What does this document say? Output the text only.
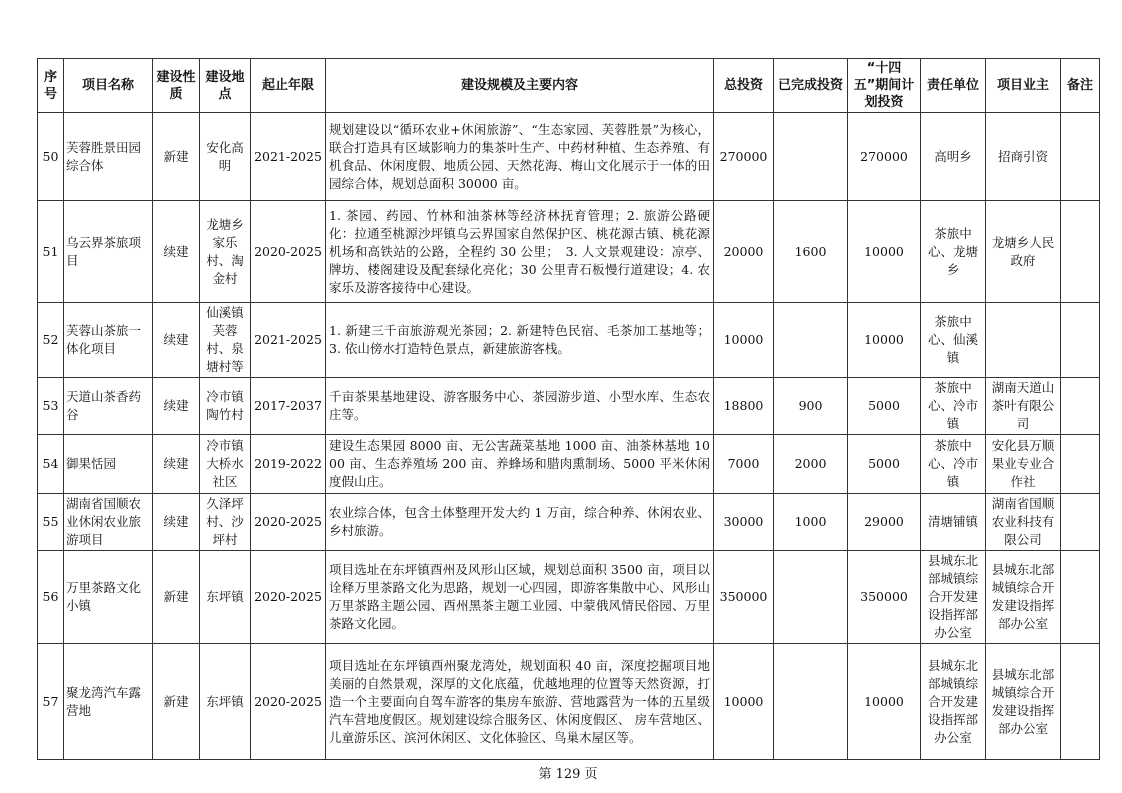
序号	项目名称	建设性质	建设地点	起止年限	建设规模及主要内容	总投资	已完成投资	“十四五”期间计划投资	责任单位	项目业主	备注
50	芙蓉胜景田园综合体	新建	安化高明	2021-2025	规划建设以“循环农业+休闲旅游”、“生态家园、芙蓉胜景”为核心，联合打造具有区域影响力的集茶叶生产、中药材种植、生态养殖、有机食品、休闲度假、地质公园、天然花海、梅山文化展示于一体的田园综合体，规划总面积 30000 亩。	270000		270000	高明乡	招商引资	
51	乌云界茶旅项目	续建	龙塘乡家乐村、淘金村	2020-2025	1. 茶园、药园、竹林和油茶林等经济林抚育管理；2. 旅游公路硬化：拉通至桃源沙坪镇乌云界国家自然保护区、桃花源古镇、桃花源机场和高铁站的公路，全程约 30 公里；　3. 人文景观建设：凉亭、牌坊、楼阁建设及配套绿化亮化；30 公里青石板慢行道建设；4. 农家乐及游客接待中心建设。	20000	1600	10000	茶旅中心、龙塘乡	龙塘乡人民政府	
52	芙蓉山茶旅一体化项目	续建	仙溪镇芙蓉村、泉塘村等	2021-2025	1. 新建三千亩旅游观光茶园；2. 新建特色民宿、毛茶加工基地等；3. 依山傍水打造特色景点，新建旅游客栈。	10000		10000	茶旅中心、仙溪镇		
53	天道山茶香药谷	续建	冷市镇陶竹村	2017-2037	千亩茶果基地建设、游客服务中心、茶园游步道、小型水库、生态农庄等。	18800	900	5000	茶旅中心、冷市镇	湖南天道山茶叶有限公司	
54	御果恬园	续建	冷市镇大桥水社区	2019-2022	建设生态果园 8000 亩、无公害蔬菜基地 1000 亩、油茶林基地 1000 亩、生态养殖场 200 亩、养蜂场和腊肉熏制场、5000 平米休闲度假山庄。	7000	2000	5000	茶旅中心、冷市镇	安化县万顺果业专业合作社	
55	湖南省国顺农业休闲农业旅游项目	续建	久泽坪村、沙坪村	2020-2025	农业综合体，包含土体整理开发大约 1 万亩，综合种养、休闲农业、乡村旅游。	30000	1000	29000	清塘铺镇	湖南省国顺农业科技有限公司	
56	万里茶路文化小镇	新建	东坪镇	2020-2025	项目选址在东坪镇酉州及风形山区域，规划总面积 3500 亩，项目以诠释万里茶路文化为思路，规划一心四园，即游客集散中心、风形山万里茶路主题公园、酉州黑茶主题工业园、中蒙俄风情民俗园、万里茶路文化园。	350000		350000	县城东北部城镇综合开发建设指挥部办公室	县城东北部城镇综合开发建设指挥部办公室	
57	聚龙湾汽车露营地	新建	东坪镇	2020-2025	项目选址在东坪镇酉州聚龙湾处，规划面积 40 亩，深度挖掘项目地美丽的自然景观，深厚的文化底蕴，优越地理的位置等天然资源，打造一个主要面向自驾车游客的集房车旅游、营地露营为一体的五星级汽车营地度假区。规划建设综合服务区、休闲度假区、 房车营地区、儿童游乐区、滨河休闲区、文化体验区、鸟巢木屋区等。	10000		10000	县城东北部城镇综合开发建设指挥部办公室	县城东北部城镇综合开发建设指挥部办公室	
第 129 页
